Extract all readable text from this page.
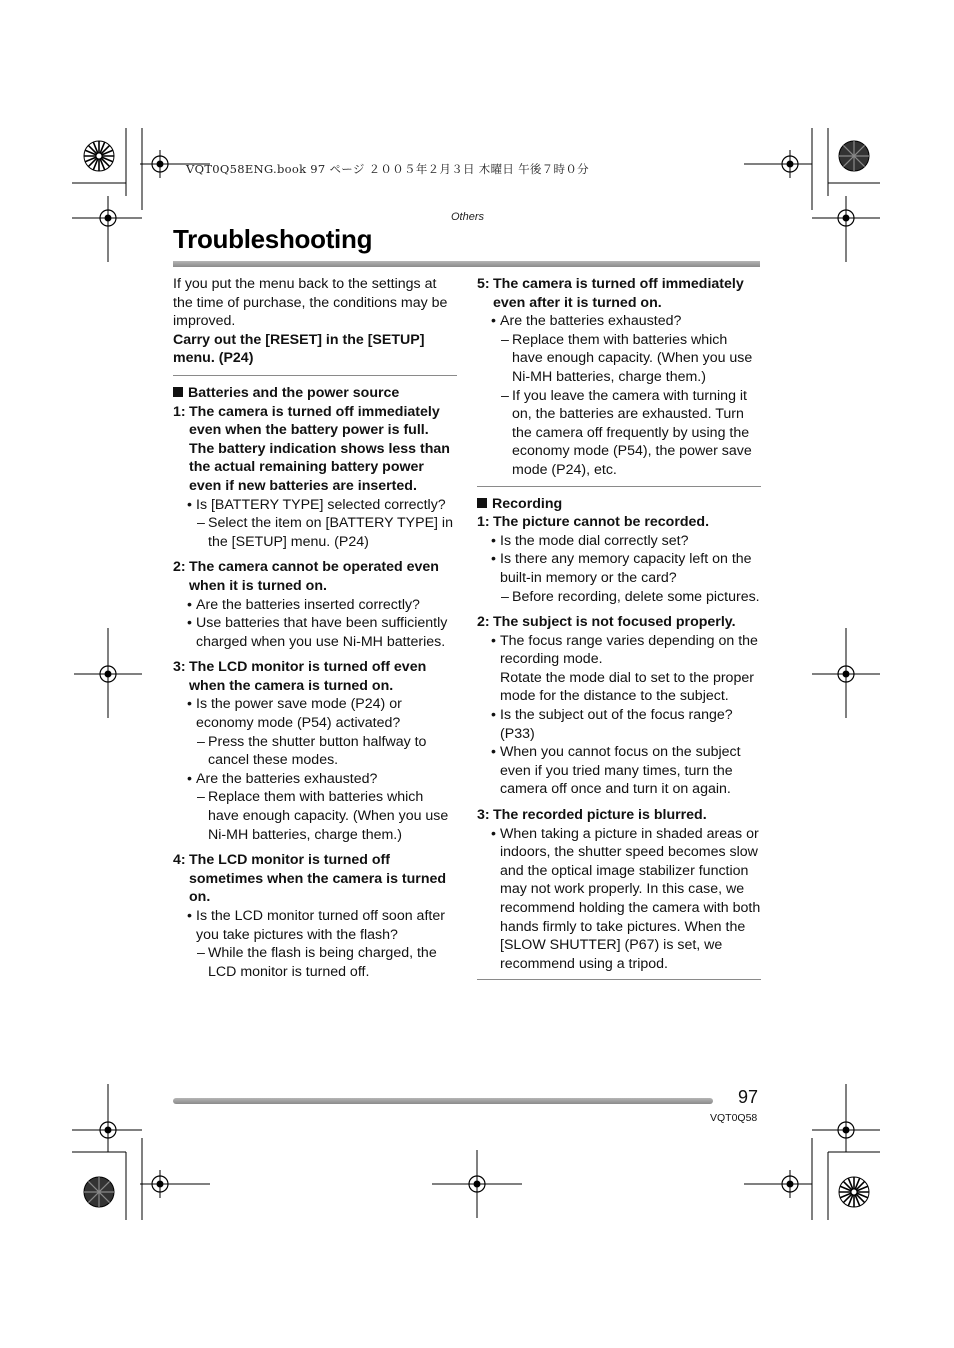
VQT0Q58ENG.book 97 ページ ２００５年２月３日 木曜日 午後７時０分
Others
Troubleshooting

If you put the menu back to the settings at the time of purchase, the conditions may be improved.

Carry out the [RESET] in the [SETUP] menu. (P24)

Batteries and the power source
1: The camera is turned off immediately even when the battery power is full. The battery indication shows less than the actual remaining battery power even if new batteries are inserted.
• Is [BATTERY TYPE] selected correctly?
– Select the item on [BATTERY TYPE] in the [SETUP] menu. (P24)
2: The camera cannot be operated even when it is turned on.
• Are the batteries inserted correctly?
• Use batteries that have been sufficiently charged when you use Ni-MH batteries.
3: The LCD monitor is turned off even when the camera is turned on.
• Is the power save mode (P24) or economy mode (P54) activated?
– Press the shutter button halfway to cancel these modes.
• Are the batteries exhausted?
– Replace them with batteries which have enough capacity. (When you use Ni-MH batteries, charge them.)
4: The LCD monitor is turned off sometimes when the camera is turned on.
• Is the LCD monitor turned off soon after you take pictures with the flash?
– While the flash is being charged, the LCD monitor is turned off.
5: The camera is turned off immediately even after it is turned on.
• Are the batteries exhausted?
– Replace them with batteries which have enough capacity. (When you use Ni-MH batteries, charge them.)
– If you leave the camera with turning it on, the batteries are exhausted. Turn the camera off frequently by using the economy mode (P54), the power save mode (P24), etc.
Recording
1: The picture cannot be recorded.
• Is the mode dial correctly set?
• Is there any memory capacity left on the built-in memory or the card?
– Before recording, delete some pictures.
2: The subject is not focused properly.
• The focus range varies depending on the recording mode.
Rotate the mode dial to set to the proper mode for the distance to the subject.
• Is the subject out of the focus range? (P33)
• When you cannot focus on the subject even if you tried many times, turn the camera off once and turn it on again.
3: The recorded picture is blurred.
• When taking a picture in shaded areas or indoors, the shutter speed becomes slow and the optical image stabilizer function may not work properly. In this case, we recommend holding the camera with both hands firmly to take pictures. When the [SLOW SHUTTER] (P67) is set, we recommend using a tripod.
97
VQT0Q58
